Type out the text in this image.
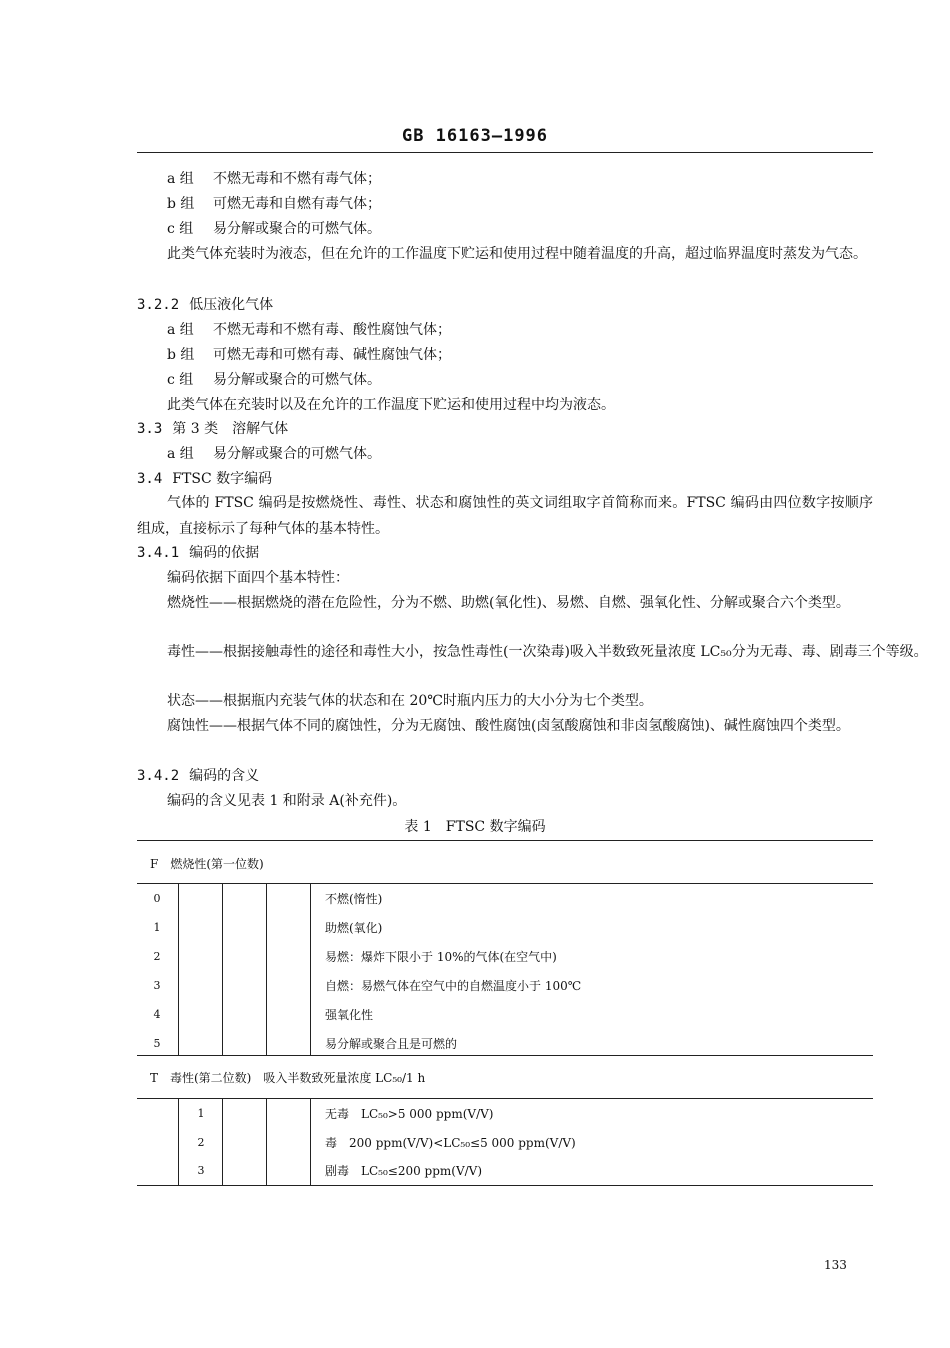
GB 16163—1996
a 组 不燃无毒和不燃有毒气体；
b 组 可燃无毒和自燃有毒气体；
c 组 易分解或聚合的可燃气体。
此类气体充装时为液态，但在允许的工作温度下贮运和使用过程中随着温度的升高，超过临界温度时蒸发为气态。
3.2.2 低压液化气体
a 组 不燃无毒和不燃有毒、酸性腐蚀气体；
b 组 可燃无毒和可燃有毒、碱性腐蚀气体；
c 组 易分解或聚合的可燃气体。
此类气体在充装时以及在允许的工作温度下贮运和使用过程中均为液态。
3.3 第 3 类　溶解气体
a 组 易分解或聚合的可燃气体。
3.4 FTSC 数字编码
气体的 FTSC 编码是按燃烧性、毒性、状态和腐蚀性的英文词组取字首简称而来。FTSC 编码由四位数字按顺序组成，直接标示了每种气体的基本特性。
3.4.1 编码的依据
编码依据下面四个基本特性：
燃烧性——根据燃烧的潜在危险性，分为不燃、助燃(氧化性)、易燃、自燃、强氧化性、分解或聚合六个类型。
毒性——根据接触毒性的途径和毒性大小，按急性毒性(一次染毒)吸入半数致死量浓度 LC₅₀分为无毒、毒、剧毒三个等级。
状态——根据瓶内充装气体的状态和在 20℃时瓶内压力的大小分为七个类型。
腐蚀性——根据气体不同的腐蚀性，分为无腐蚀、酸性腐蚀(卤氢酸腐蚀和非卤氢酸腐蚀)、碱性腐蚀四个类型。
3.4.2 编码的含义
编码的含义见表 1 和附录 A(补充件)。
表 1　FTSC 数字编码
F　燃烧性(第一位数)
0	不燃(惰性)
1	助燃(氧化)
2	易燃：爆炸下限小于 10%的气体(在空气中)
3	自燃：易燃气体在空气中的自燃温度小于 100℃
4	强氧化性
5	易分解或聚合且是可燃的
T　毒性(第二位数)　吸入半数致死量浓度 LC₅₀/1 h
1	无毒　LC₅₀>5 000 ppm(V/V)
2	毒　200 ppm(V/V)<LC₅₀≤5 000 ppm(V/V)
3	剧毒　LC₅₀≤200 ppm(V/V)
133
